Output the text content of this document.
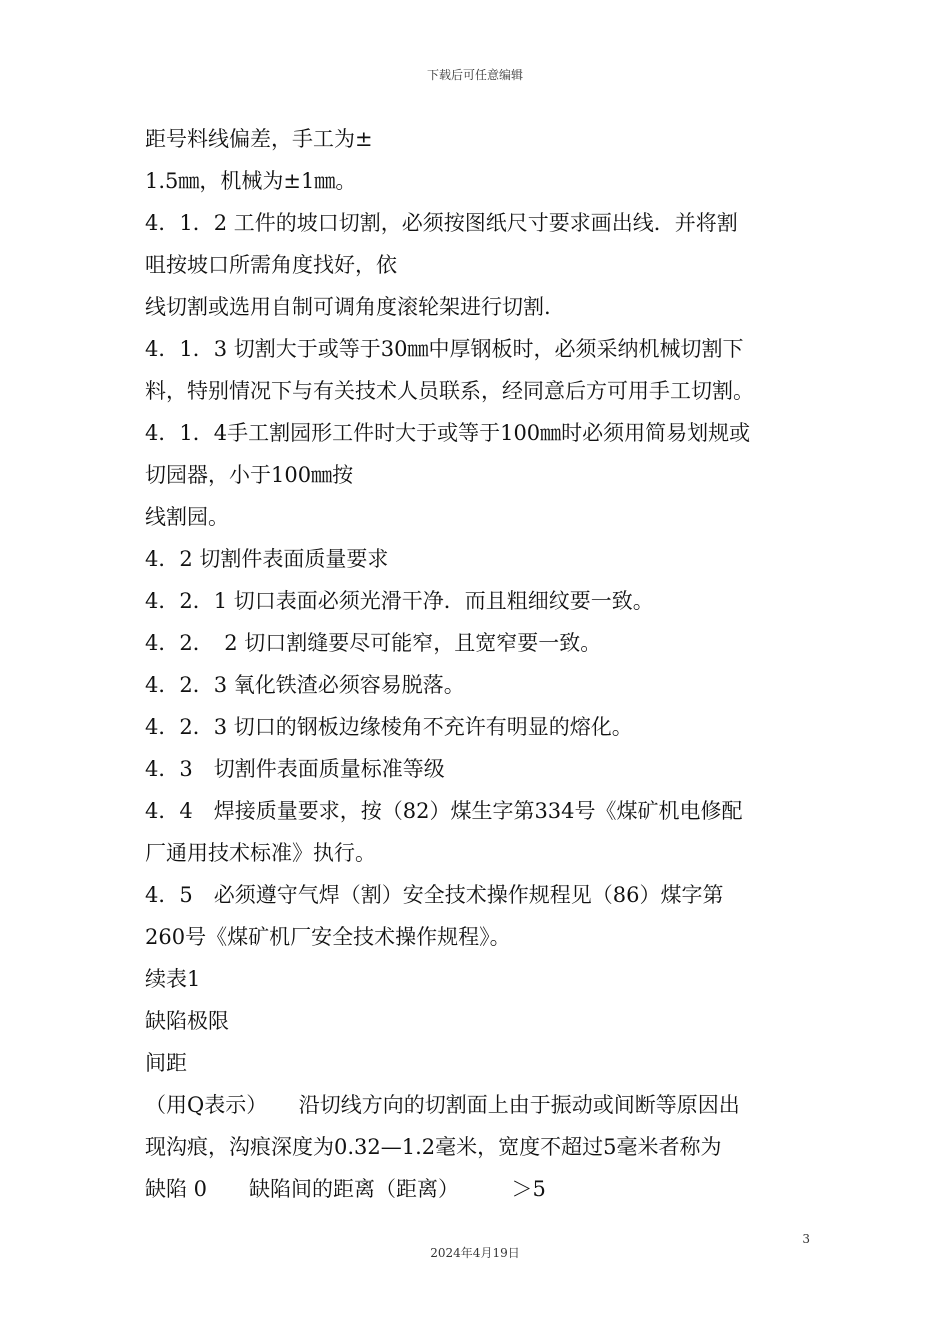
下载后可任意编辑
距号料线偏差，手工为±
1.5㎜，机械为±1㎜。
4．1．2 工件的坡口切割，必须按图纸尺寸要求画出线．并将割
咀按坡口所需角度找好，依
线切割或选用自制可调角度滚轮架进行切割.
4．1．3 切割大于或等于30㎜中厚钢板时，必须采纳机械切割下
料，特别情况下与有关技术人员联系，经同意后方可用手工切割。
4．1．4手工割园形工件时大于或等于100㎜时必须用简易划规或
切园器，小于100㎜按
线割园。
4．2 切割件表面质量要求
4．2．1 切口表面必须光滑干净．而且粗细纹要一致。
4．2．　2 切口割缝要尽可能窄，且宽窄要一致。
4．2．3 氧化铁渣必须容易脱落。
4．2．3 切口的钢板边缘棱角不充许有明显的熔化。
4．3　切割件表面质量标准等级
4．4　焊接质量要求，按（82）煤生字第334号《煤矿机电修配
厂通用技术标准》执行。
4．5　必须遵守气焊（割）安全技术操作规程见（86）煤字第
260号《煤矿机厂安全技术操作规程》。
续表1
缺陷极限
间距
（用Q表示）　　沿切线方向的切割面上由于振动或间断等原因出
现沟痕，沟痕深度为0.32—1.2毫米，宽度不超过5毫米者称为
缺陷 0　　缺陷间的距离（距离）　　　＞5
3
2024年4月19日
